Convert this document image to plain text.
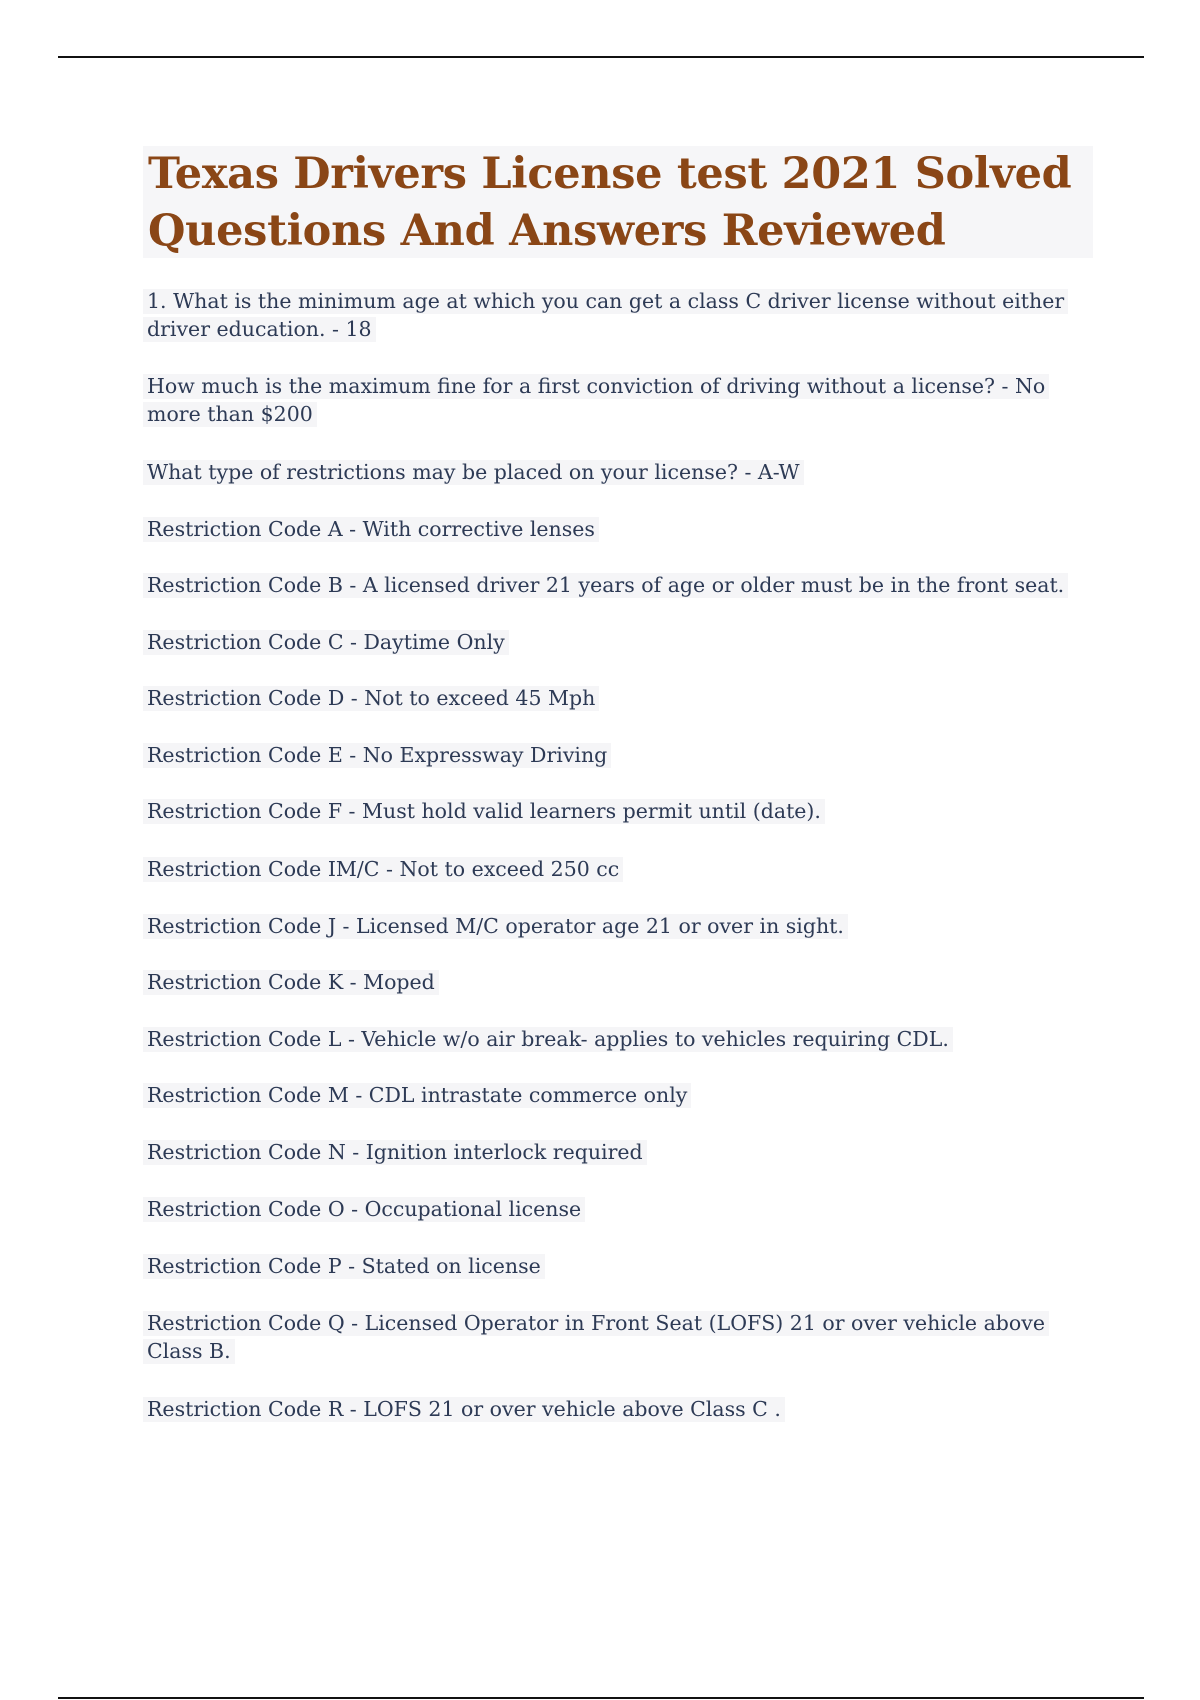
Texas Drivers License test 2021 Solved Questions And Answers Reviewed

1. What is the minimum age at which you can get a class C driver license without either driver education. - 18

How much is the maximum fine for a first conviction of driving without a license? - No more than $200

What type of restrictions may be placed on your license? - A-W

Restriction Code A - With corrective lenses

Restriction Code B - A licensed driver 21 years of age or older must be in the front seat.

Restriction Code C - Daytime Only

Restriction Code D - Not to exceed 45 Mph

Restriction Code E - No Expressway Driving

Restriction Code F - Must hold valid learners permit until (date).

Restriction Code IM/C - Not to exceed 250 cc

Restriction Code J - Licensed M/C operator age 21 or over in sight.

Restriction Code K - Moped

Restriction Code L - Vehicle w/o air break- applies to vehicles requiring CDL.

Restriction Code M - CDL intrastate commerce only

Restriction Code N - Ignition interlock required

Restriction Code O - Occupational license

Restriction Code P - Stated on license

Restriction Code Q - Licensed Operator in Front Seat (LOFS) 21 or over vehicle above Class B.

Restriction Code R - LOFS 21 or over vehicle above Class C .
